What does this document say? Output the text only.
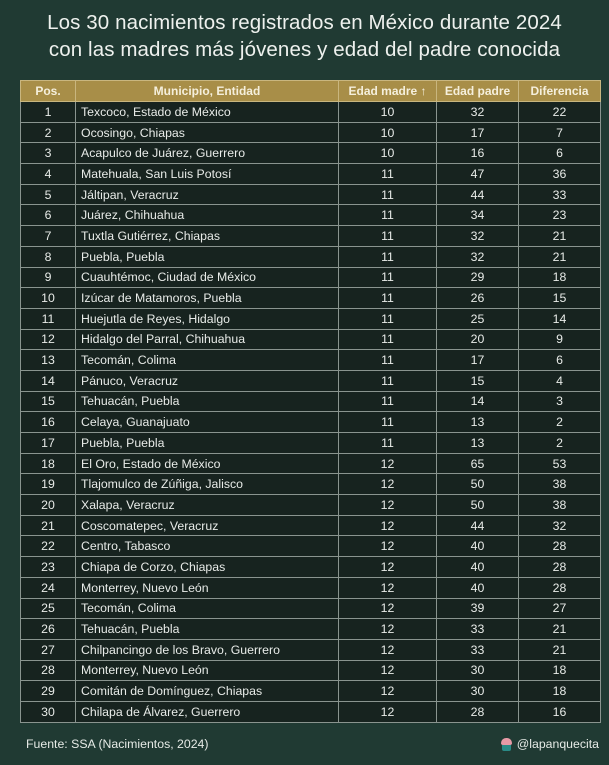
Los 30 nacimientos registrados en México durante 2024
con las madres más jóvenes y edad del padre conocida
Pos.	Municipio, Entidad	Edad madre ↑	Edad padre	Diferencia
1	Texcoco, Estado de México	10	32	22
2	Ocosingo, Chiapas	10	17	7
3	Acapulco de Juárez, Guerrero	10	16	6
4	Matehuala, San Luis Potosí	11	47	36
5	Jáltipan, Veracruz	11	44	33
6	Juárez, Chihuahua	11	34	23
7	Tuxtla Gutiérrez, Chiapas	11	32	21
8	Puebla, Puebla	11	32	21
9	Cuauhtémoc, Ciudad de México	11	29	18
10	Izúcar de Matamoros, Puebla	11	26	15
11	Huejutla de Reyes, Hidalgo	11	25	14
12	Hidalgo del Parral, Chihuahua	11	20	9
13	Tecomán, Colima	11	17	6
14	Pánuco, Veracruz	11	15	4
15	Tehuacán, Puebla	11	14	3
16	Celaya, Guanajuato	11	13	2
17	Puebla, Puebla	11	13	2
18	El Oro, Estado de México	12	65	53
19	Tlajomulco de Zúñiga, Jalisco	12	50	38
20	Xalapa, Veracruz	12	50	38
21	Coscomatepec, Veracruz	12	44	32
22	Centro, Tabasco	12	40	28
23	Chiapa de Corzo, Chiapas	12	40	28
24	Monterrey, Nuevo León	12	40	28
25	Tecomán, Colima	12	39	27
26	Tehuacán, Puebla	12	33	21
27	Chilpancingo de los Bravo, Guerrero	12	33	21
28	Monterrey, Nuevo León	12	30	18
29	Comitán de Domínguez, Chiapas	12	30	18
30	Chilapa de Álvarez, Guerrero	12	28	16
Fuente: SSA (Nacimientos, 2024)	@lapanquecita
